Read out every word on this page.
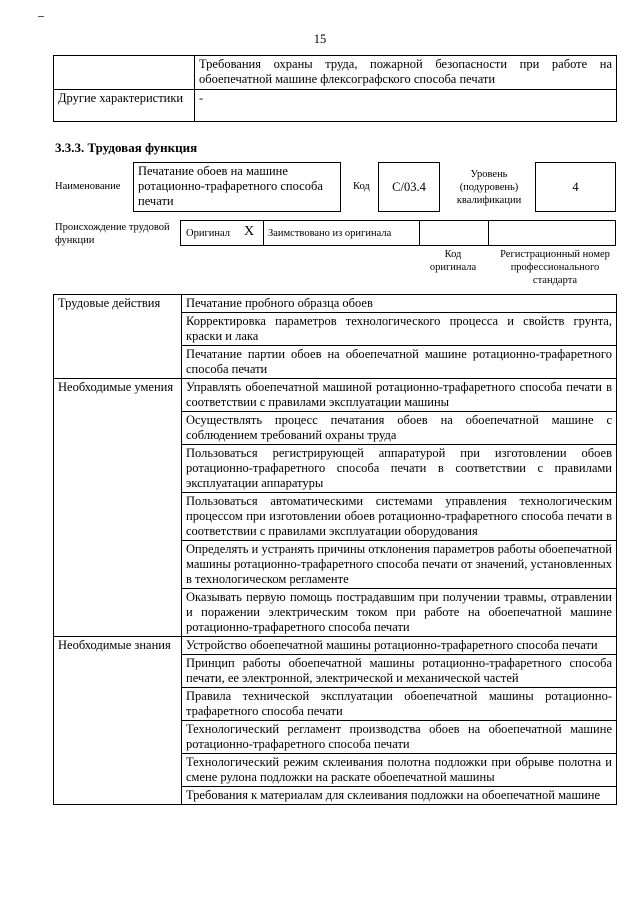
15
	Требования охраны труда, пожарной безопасности при работе на обоепечатной машине флексографского способа печати
Другие характеристики	-
3.3.3. Трудовая функция
Наименование
Печатание обоев на машине ротационно-трафаретного способа печати
Код	С/03.4
Уровень (подуровень) квалификации
4
Происхождение трудовой функции
Оригинал X Заимствовано из оригинала
Код оригинала
Регистрационный номер профессионального стандарта
Трудовые действия	Печатание пробного образца обоев
	Корректировка параметров технологического процесса и свойств грунта, краски и лака
	Печатание партии обоев на обоепечатной машине ротационно-трафаретного способа печати
Необходимые умения	Управлять обоепечатной машиной ротационно-трафаретного способа печати в соответствии с правилами эксплуатации машины
	Осуществлять процесс печатания обоев на обоепечатной машине с соблюдением требований охраны труда
	Пользоваться регистрирующей аппаратурой при изготовлении обоев ротационно-трафаретного способа печати в соответствии с правилами эксплуатации аппаратуры
	Пользоваться автоматическими системами управления технологическим процессом при изготовлении обоев ротационно-трафаретного способа печати в соответствии с правилами эксплуатации оборудования
	Определять и устранять причины отклонения параметров работы обоепечатной машины ротационно-трафаретного способа печати от значений, установленных в технологическом регламенте
	Оказывать первую помощь пострадавшим при получении травмы, отравлении и поражении электрическим током при работе на обоепечатной машине ротационно-трафаретного способа печати
Необходимые знания	Устройство обоепечатной машины ротационно-трафаретного способа печати
	Принцип работы обоепечатной машины ротационно-трафаретного способа печати, ее электронной, электрической и механической частей
	Правила технической эксплуатации обоепечатной машины ротационно-трафаретного способа печати
	Технологический регламент производства обоев на обоепечатной машине ротационно-трафаретного способа печати
	Технологический режим склеивания полотна подложки при обрыве полотна и смене рулона подложки на раскате обоепечатной машины
	Требования к материалам для склеивания подложки на обоепечатной машине
